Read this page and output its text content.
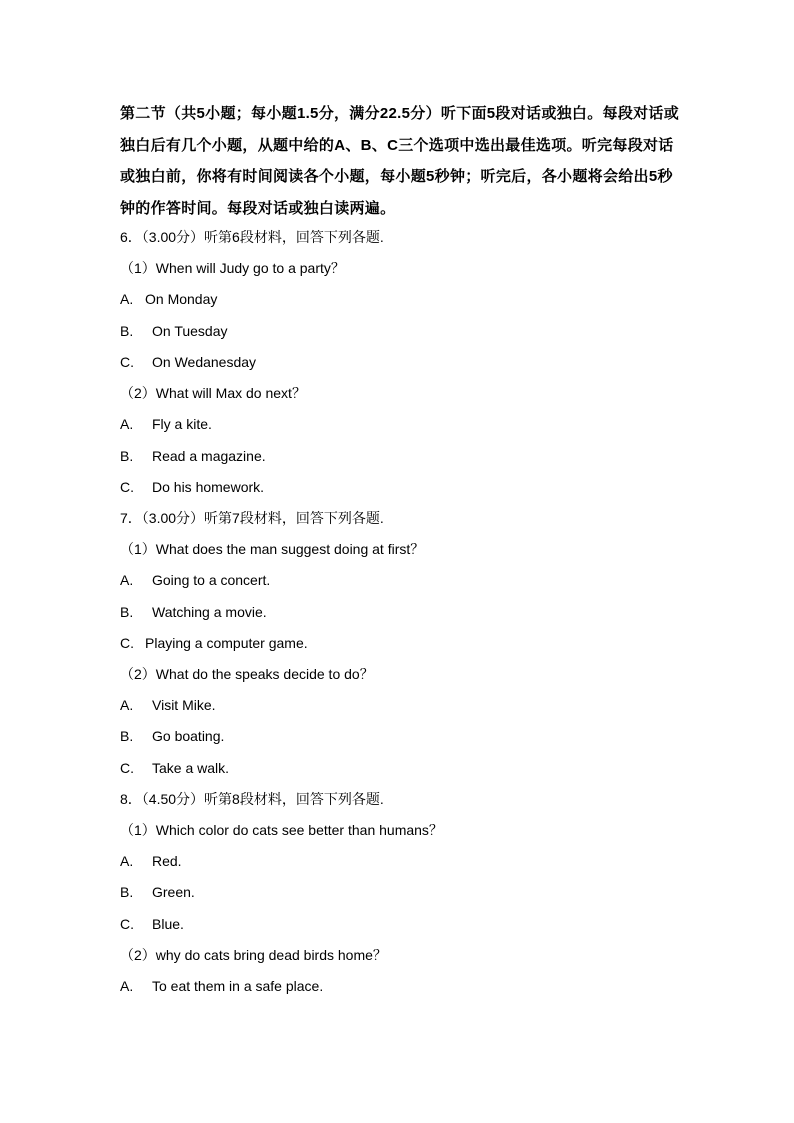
第二节（共5小题；每小题1.5分，满分22.5分）听下面5段对话或独白。每段对话或独白后有几个小题，从题中给的A、B、C三个选项中选出最佳选项。听完每段对话或独白前，你将有时间阅读各个小题，每小题5秒钟；听完后，各小题将会给出5秒钟的作答时间。每段对话或独白读两遍。
6．（3.00分）听第6段材料，回答下列各题.
（1）When will Judy go to a party？
A. On Monday
B. On Tuesday
C. On Wedanesday
（2）What will Max do next？
A. Fly a kite.
B. Read a magazine.
C. Do his homework.
7．（3.00分）听第7段材料，回答下列各题.
（1）What does the man suggest doing at first？
A. Going to a concert.
B. Watching a movie.
C. Playing a computer game.
（2）What do the speaks decide to do？
A. Visit Mike.
B. Go boating.
C. Take a walk.
8．（4.50分）听第8段材料，回答下列各题.
（1）Which color do cats see better than humans？
A. Red.
B. Green.
C. Blue.
（2）why do cats bring dead birds home？
A. To eat them in a safe place.
